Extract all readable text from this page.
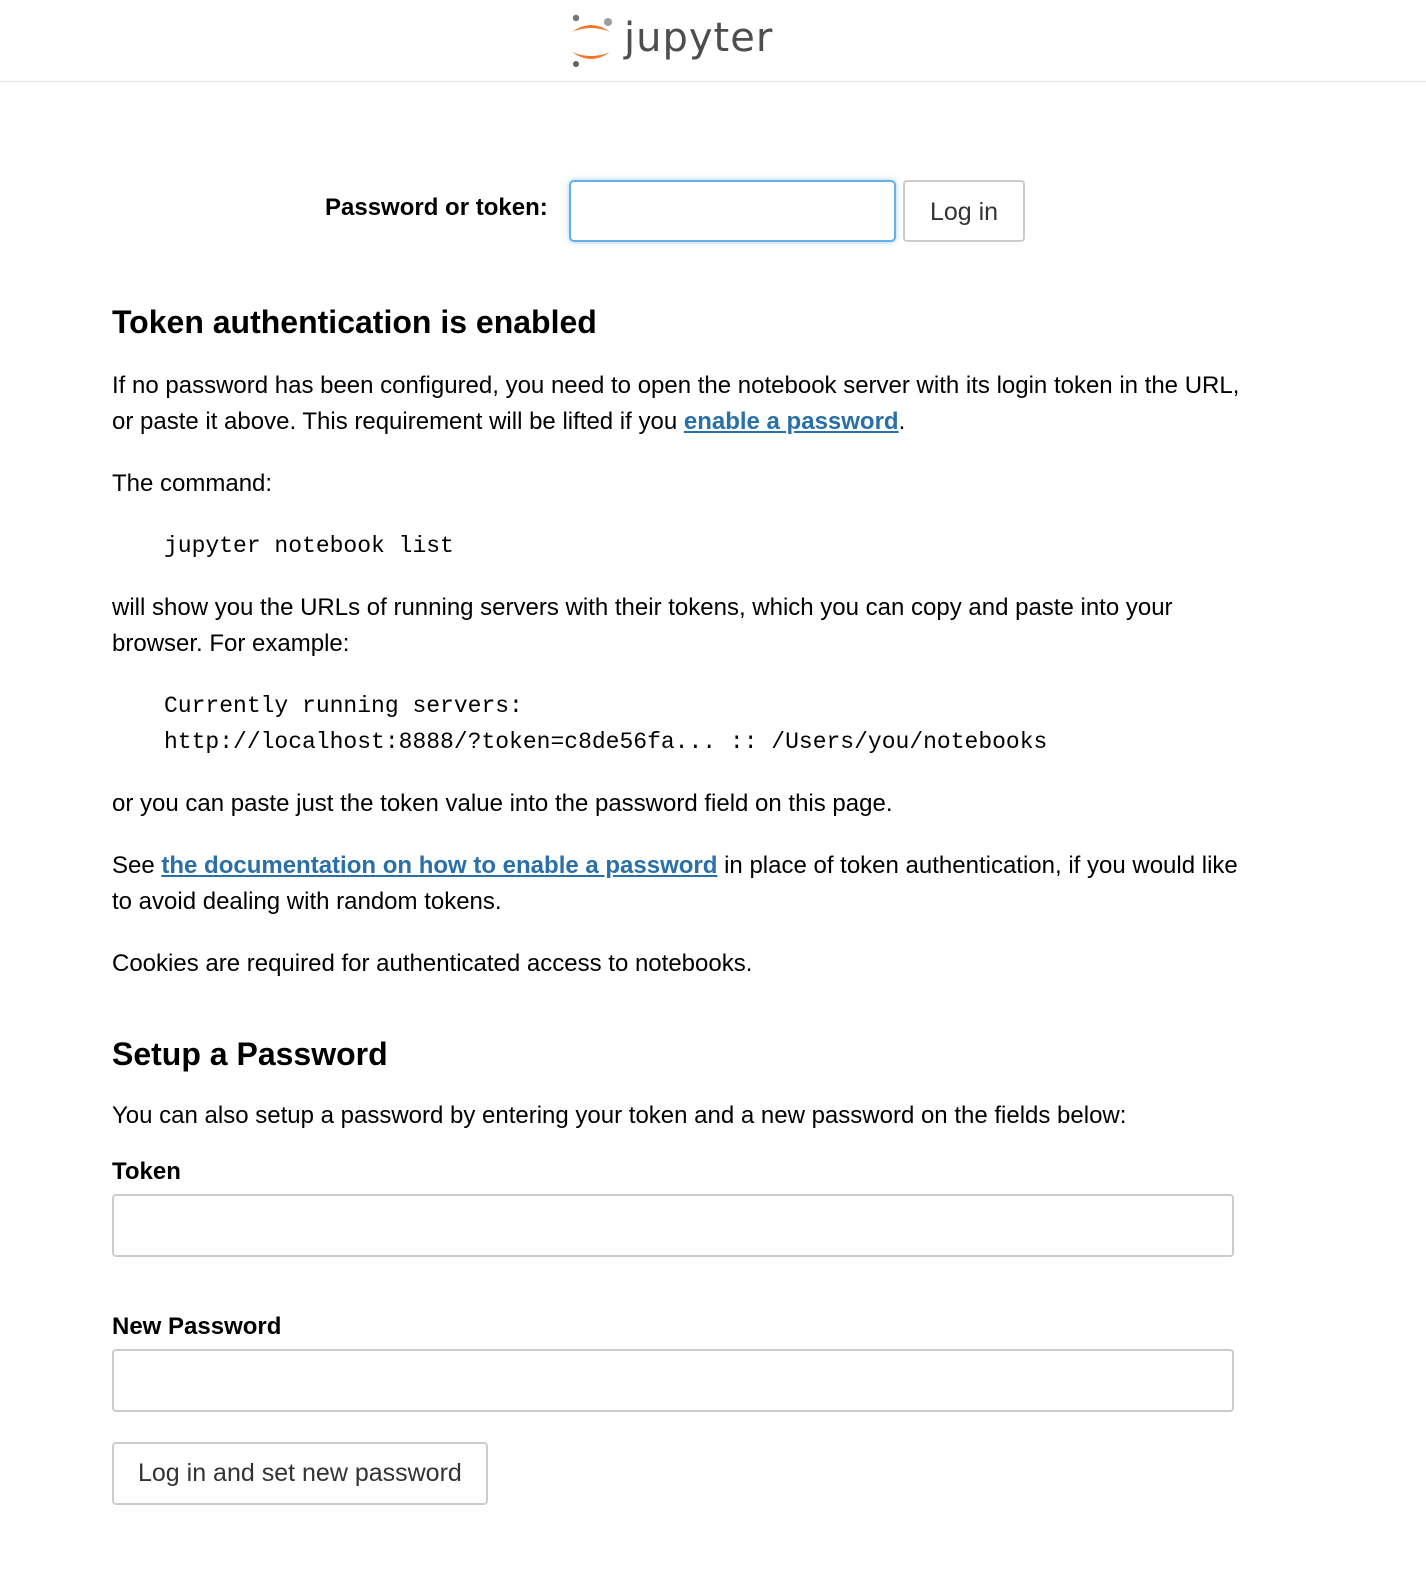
jupyter
Password or token:	Log in
Token authentication is enabled

If no password has been configured, you need to open the notebook server with its login token in the URL, or paste it above. This requirement will be lifted if you enable a password.

The command:

jupyter notebook list

will show you the URLs of running servers with their tokens, which you can copy and paste into your browser. For example:

Currently running servers:
http://localhost:8888/?token=c8de56fa... :: /Users/you/notebooks

or you can paste just the token value into the password field on this page.

See the documentation on how to enable a password in place of token authentication, if you would like to avoid dealing with random tokens.

Cookies are required for authenticated access to notebooks.

Setup a Password

You can also setup a password by entering your token and a new password on the fields below:

Token
New Password
Log in and set new password
